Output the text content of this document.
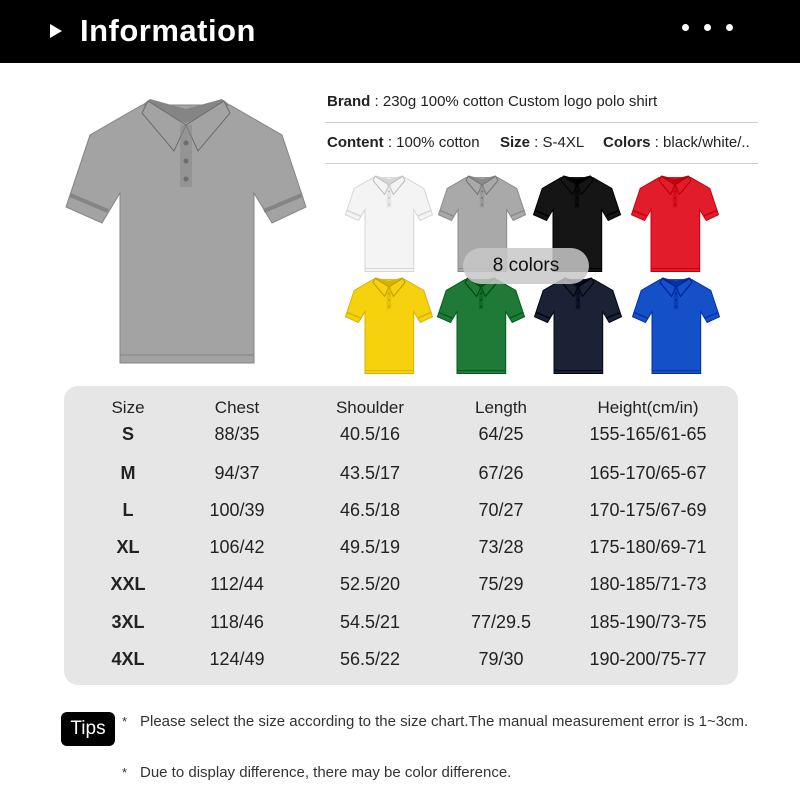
Information
Brand : 230g 100% cotton Custom logo polo shirt
Content : 100% cotton Size : S-4XL Colors : black/white/..
8 colors
Size	Chest	Shoulder	Length	Height(cm/in)
S	88/35	40.5/16	64/25	155-165/61-65
M	94/37	43.5/17	67/26	165-170/65-67
L	100/39	46.5/18	70/27	170-175/67-69
XL	106/42	49.5/19	73/28	175-180/69-71
XXL	112/44	52.5/20	75/29	180-185/71-73
3XL	118/46	54.5/21	77/29.5	185-190/73-75
4XL	124/49	56.5/22	79/30	190-200/75-77
Tips	* Please select the size according to the size chart.The manual measurement error is 1~3cm.
* Due to display difference, there may be color difference.
